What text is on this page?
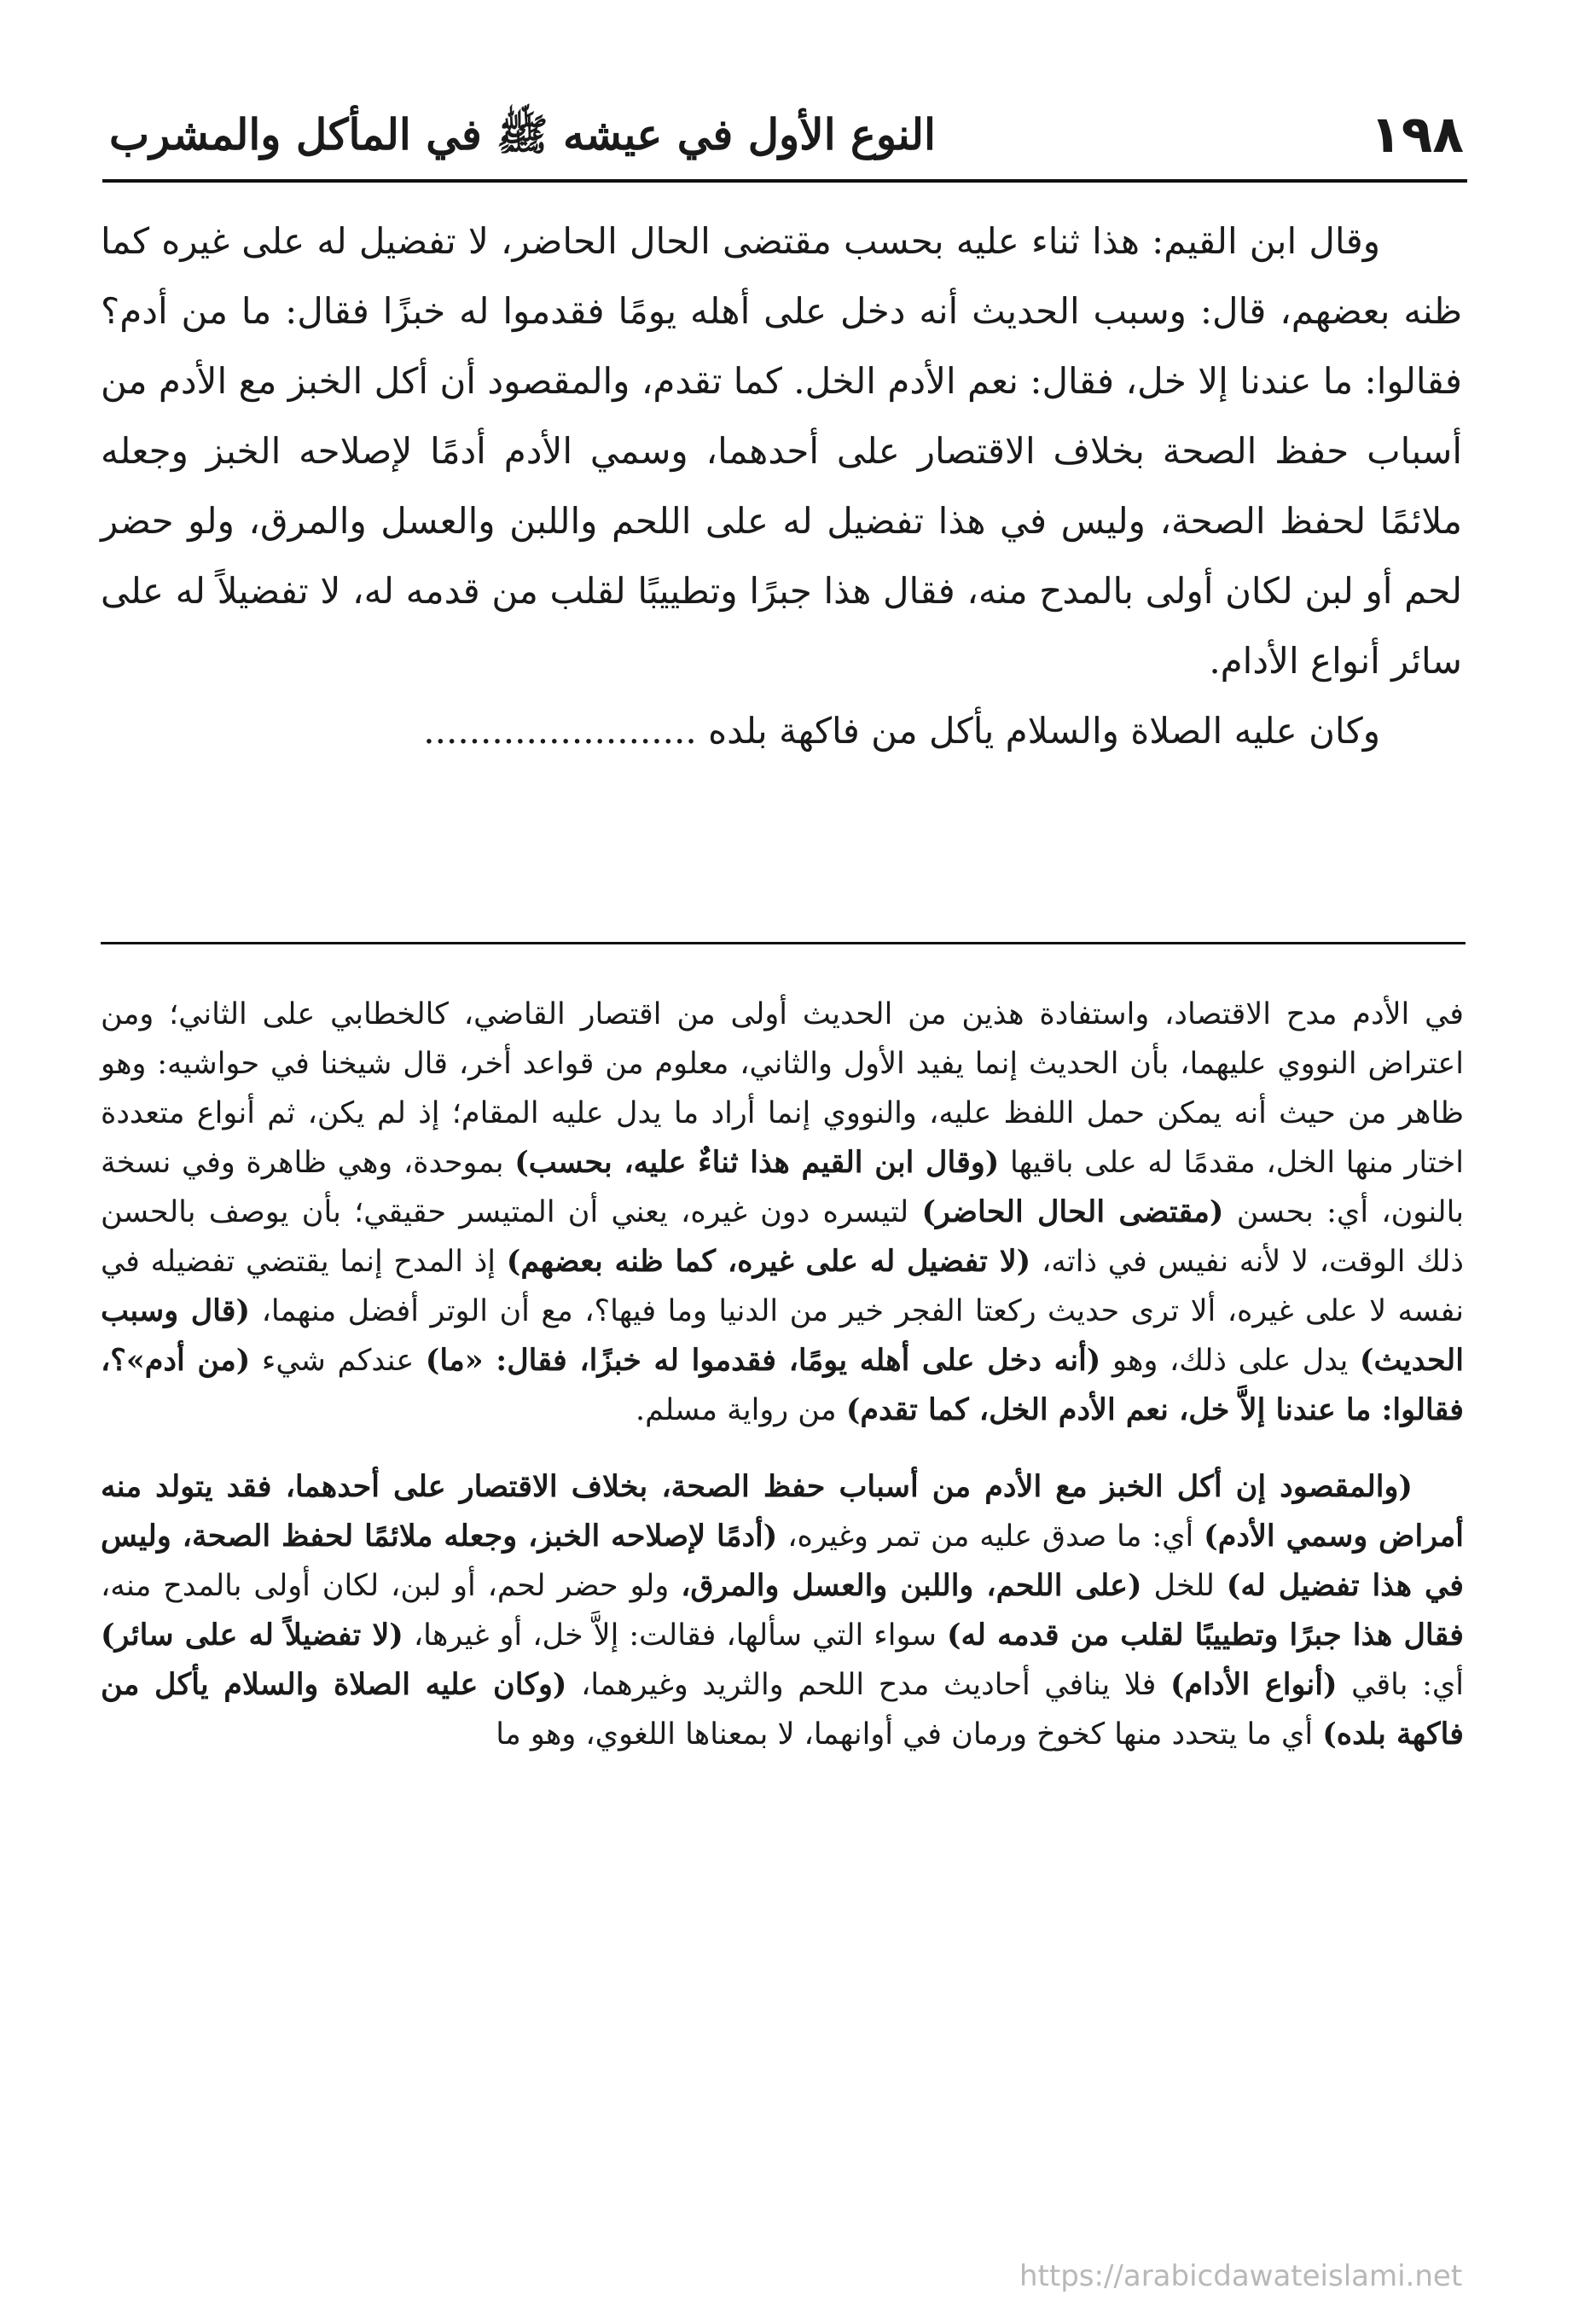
١٩٨
النوع الأول في عيشه ﷺ في المأكل والمشرب

وقال ابن القيم: هذا ثناء عليه بحسب مقتضى الحال الحاضر، لا تفضيل له على غيره كما ظنه بعضهم، قال: وسبب الحديث أنه دخل على أهله يومًا فقدموا له خبزًا فقال: ما من أدم؟ فقالوا: ما عندنا إلا خل، فقال: نعم الأدم الخل. كما تقدم، والمقصود أن أكل الخبز مع الأدم من أسباب حفظ الصحة بخلاف الاقتصار على أحدهما، وسمي الأدم أدمًا لإصلاحه الخبز وجعله ملائمًا لحفظ الصحة، وليس في هذا تفضيل له على اللحم واللبن والعسل والمرق، ولو حضر لحم أو لبن لكان أولى بالمدح منه، فقال هذا جبرًا وتطييبًا لقلب من قدمه له، لا تفضيلاً له على سائر أنواع الأدام.

وكان عليه الصلاة والسلام يأكل من فاكهة بلده ........................

في الأدم مدح الاقتصاد، واستفادة هذين من الحديث أولى من اقتصار القاضي، كالخطابي على الثاني؛ ومن اعتراض النووي عليهما، بأن الحديث إنما يفيد الأول والثاني، معلوم من قواعد أخر، قال شيخنا في حواشيه: وهو ظاهر من حيث أنه يمكن حمل اللفظ عليه، والنووي إنما أراد ما يدل عليه المقام؛ إذ لم يكن، ثم أنواع متعددة اختار منها الخل، مقدمًا له على باقيها (وقال ابن القيم هذا ثناءٌ عليه، بحسب) بموحدة، وهي ظاهرة وفي نسخة بالنون، أي: بحسن (مقتضى الحال الحاضر) لتيسره دون غيره، يعني أن المتيسر حقيقي؛ بأن يوصف بالحسن ذلك الوقت، لا لأنه نفيس في ذاته، (لا تفضيل له على غيره، كما ظنه بعضهم) إذ المدح إنما يقتضي تفضيله في نفسه لا على غيره، ألا ترى حديث ركعتا الفجر خير من الدنيا وما فيها؟، مع أن الوتر أفضل منهما، (قال وسبب الحديث) يدل على ذلك، وهو (أنه دخل على أهله يومًا، فقدموا له خبزًا، فقال: «ما) عندكم شيء (من أدم»؟، فقالوا: ما عندنا إلاَّ خل، نعم الأدم الخل، كما تقدم) من رواية مسلم.

(والمقصود إن أكل الخبز مع الأدم من أسباب حفظ الصحة، بخلاف الاقتصار على أحدهما، فقد يتولد منه أمراض وسمي الأدم) أي: ما صدق عليه من تمر وغيره، (أدمًا لإصلاحه الخبز، وجعله ملائمًا لحفظ الصحة، وليس في هذا تفضيل له) للخل (على اللحم، واللبن والعسل والمرق، ولو حضر لحم، أو لبن، لكان أولى بالمدح منه، فقال هذا جبرًا وتطييبًا لقلب من قدمه له) سواء التي سألها، فقالت: إلاَّ خل، أو غيرها، (لا تفضيلاً له على سائر) أي: باقي (أنواع الأدام) فلا ينافي أحاديث مدح اللحم والثريد وغيرهما، (وكان عليه الصلاة والسلام يأكل من فاكهة بلده) أي ما يتحدد منها كخوخ ورمان في أوانهما، لا بمعناها اللغوي، وهو ما

https://arabicdawateislami.net
